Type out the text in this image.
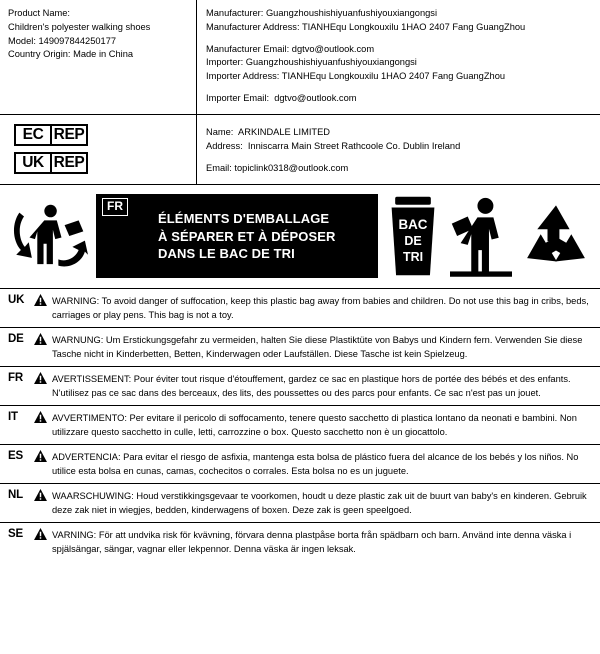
Product Name:
Children's polyester walking shoes
Model: 149097844250177
Country Origin: Made in China
Manufacturer: Guangzhoushishiyuanfushiyouxiangongsi
Manufacturer Address: TIANHEqu Longkouxilu 1HAO 2407 Fang GuangZhou
Manufacturer Email: dgtvo@outlook.com
Importer: Guangzhoushishiyuanfushiyouxiangongsi
Importer Address: TIANHEqu Longkouxilu 1HAO 2407 Fang GuangZhou
Importer Email:  dgtvo@outlook.com
EC REP
UK REP
Name:  ARKINDALE LIMITED
Address:  Inniscarra Main Street Rathcoole Co. Dublin Ireland
Email: topiclink0318@outlook.com
FR
ÉLÉMENTS D'EMBALLAGE
À SÉPARER ET À DÉPOSER
DANS LE BAC DE TRI
BAC
DE
TRI
UK	WARNING: To avoid danger of suffocation, keep this plastic bag away from babies and children. Do not use this bag in cribs, beds, carriages or play pens. This bag is not a toy.
DE	WARNUNG: Um Erstickungsgefahr zu vermeiden, halten Sie diese Plastiktüte von Babys und Kindern fern. Verwenden Sie diese Tasche nicht in Kinderbetten, Betten, Kinderwagen oder Laufställen. Diese Tasche ist kein Spielzeug.
FR	AVERTISSEMENT: Pour éviter tout risque d'étouffement, gardez ce sac en plastique hors de portée des bébés et des enfants. N'utilisez pas ce sac dans des berceaux, des lits, des poussettes ou des parcs pour enfants. Ce sac n'est pas un jouet.
IT	AVVERTIMENTO: Per evitare il pericolo di soffocamento, tenere questo sacchetto di plastica lontano da neonati e bambini. Non utilizzare questo sacchetto in culle, letti, carrozzine o box. Questo sacchetto non è un giocattolo.
ES	ADVERTENCIA: Para evitar el riesgo de asfixia, mantenga esta bolsa de plástico fuera del alcance de los bebés y los niños. No utilice esta bolsa en cunas, camas, cochecitos o corrales. Esta bolsa no es un juguete.
NL	WAARSCHUWING: Houd verstikkingsgevaar te voorkomen, houdt u deze plastic zak uit de buurt van baby's en kinderen. Gebruik deze zak niet in wiegjes, bedden, kinderwagens of boxen. Deze zak is geen speelgoed.
SE	VARNING: För att undvika risk för kvävning, förvara denna plastpåse borta från spädbarn och barn. Använd inte denna väska i spjälsängar, sängar, vagnar eller lekpennor. Denna väska är ingen leksak.
